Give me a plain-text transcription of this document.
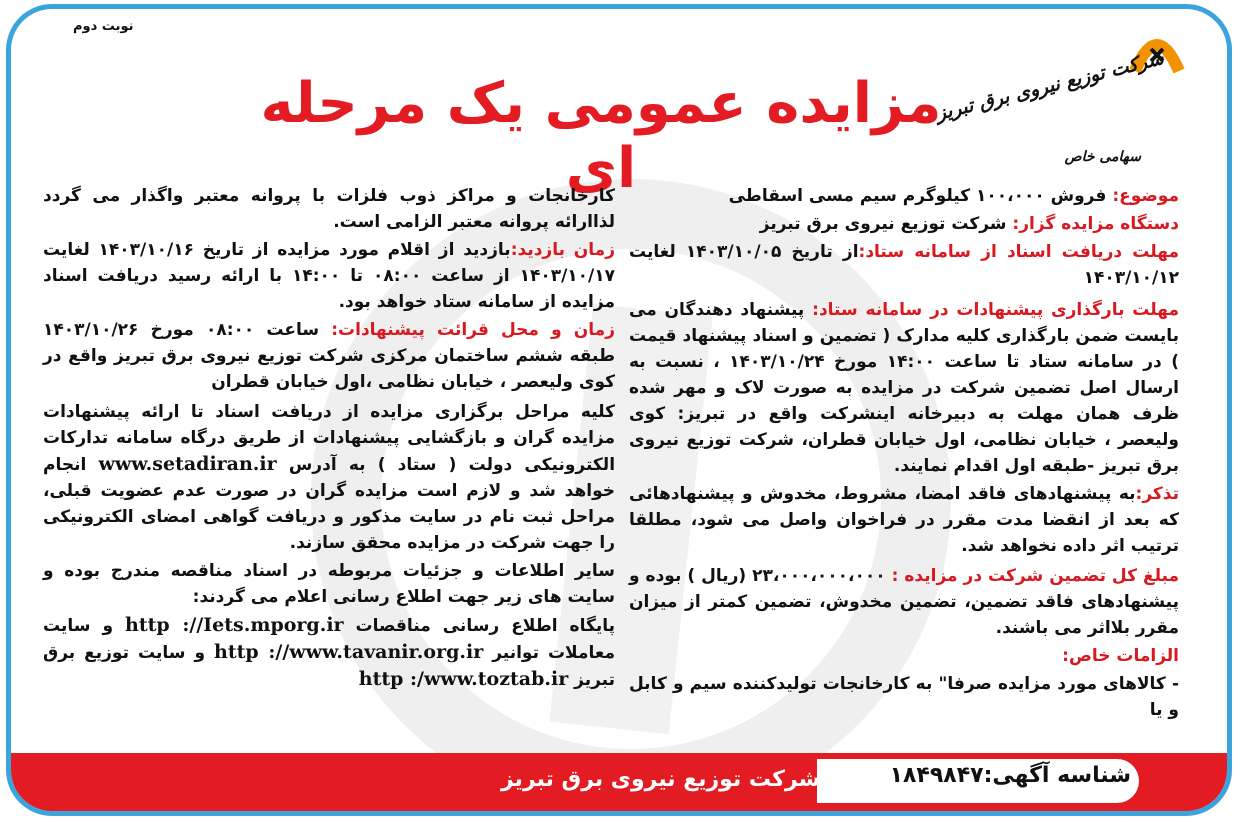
نوبت دوم
شرکت توزیع نیروی برق تبریز
سهامی خاص
مزایده عمومی یک مرحله ای	موضوع: فروش ۱۰۰،۰۰۰ کیلوگرم سیم مسی اسقاطی

دستگاه مزایده گزار: شرکت توزیع نیروی برق تبریز

مهلت دریافت اسناد از سامانه ستاد:از تاریخ ۱۴۰۳/۱۰/۰۵ لغایت ۱۴۰۳/۱۰/۱۲

مهلت بارگذاری پیشنهادات در سامانه ستاد: پیشنهاد دهندگان می بایست ضمن بارگذاری کلیه مدارک ( تضمین و اسناد پیشنهاد قیمت ) در سامانه ستاد تا ساعت ۱۴:۰۰ مورخ ۱۴۰۳/۱۰/۲۴ ، نسبت به ارسال اصل تضمین شرکت در مزایده به صورت لاک و مهر شده ظرف همان مهلت به دبیرخانه اینشرکت واقع در تبریز: کوی ولیعصر ، خیابان نظامی، اول خیابان قطران، شرکت توزیع نیروی برق تبریز -طبقه اول اقدام نمایند.

تذکر:به پیشنهادهای فاقد امضا، مشروط، مخدوش و پیشنهادهائی که بعد از انقضا مدت مقرر در فراخوان واصل می شود، مطلقا ترتیب اثر داده نخواهد شد.

مبلغ کل تضمین شرکت در مزایده : ۲۳،۰۰۰،۰۰۰،۰۰۰ (ریال ) بوده و پیشنهادهای فاقد تضمین، تضمین مخدوش، تضمین کمتر از میزان مقرر بلااثر می باشند.

الزامات خاص:

- کالاهای مورد مزایده صرفا" به کارخانجات تولیدکننده سیم و کابل و یا

کارخانجات و مراکز ذوب فلزات با پروانه معتبر واگذار می گردد لذاارائه پروانه معتبر الزامی است.

زمان بازدید:بازدید از اقلام مورد مزایده از تاریخ ۱۴۰۳/۱۰/۱۶ لغایت ۱۴۰۳/۱۰/۱۷ از ساعت ۰۸:۰۰ تا ۱۴:۰۰ با ارائه رسید دریافت اسناد مزایده از سامانه ستاد خواهد بود.

زمان و محل قرائت پیشنهادات: ساعت ۰۸:۰۰ مورخ ۱۴۰۳/۱۰/۲۶ طبقه ششم ساختمان مرکزی شرکت توزیع نیروی برق تبریز واقع در کوی ولیعصر ، خیابان نظامی ،اول خیابان قطران

کلیه مراحل برگزاری مزایده از دریافت اسناد تا ارائه پیشنهادات مزایده گران و بازگشایی پیشنهادات از طریق درگاه سامانه تدارکات الکترونیکی دولت ( ستاد ) به آدرس www.setadiran.ir انجام خواهد شد و لازم است مزایده گران در صورت عدم عضویت قبلی، مراحل ثبت نام در سایت مذکور و دریافت گواهی امضای الکترونیکی را جهت شرکت در مزایده محقق سازند.

سایر اطلاعات و جزئیات مربوطه در اسناد مناقصه مندرج بوده و سایت های زیر جهت اطلاع رسانی اعلام می گردند:

پایگاه اطلاع رسانی مناقصات http ://Iets.mporg.ir و سایت معاملات توانیر http ://www.tavanir.org.ir و سایت توزیع برق تبریز http :/www.toztab.ir

شناسه آگهی:۱۸۴۹۸۴۷
شرکت توزیع نیروی برق تبریز
